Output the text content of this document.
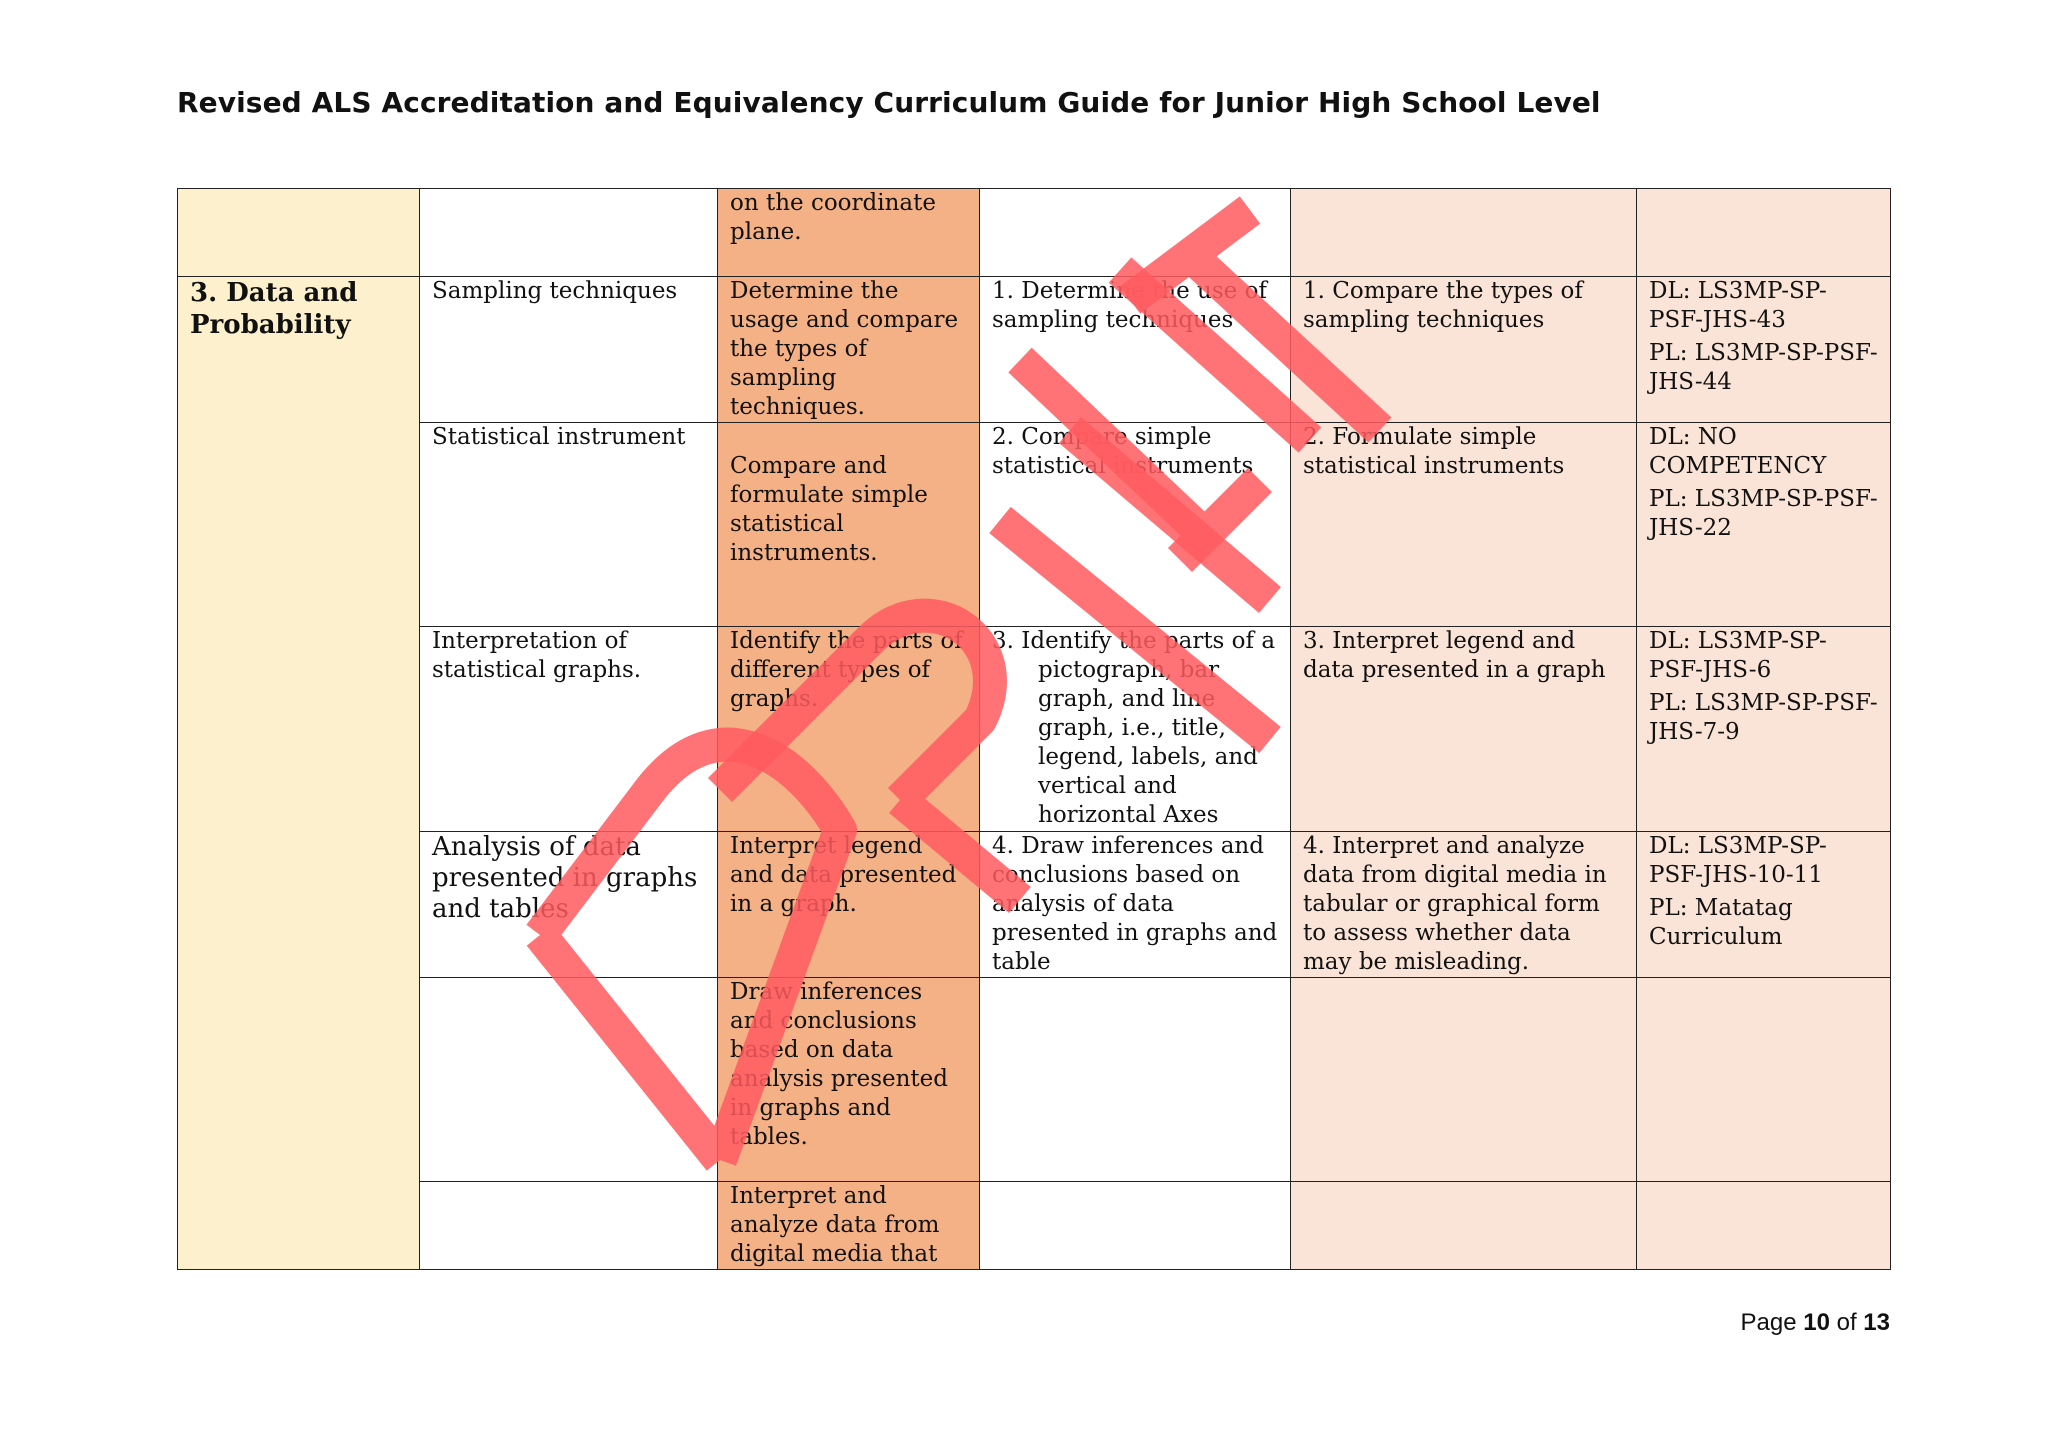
Revised ALS Accreditation and Equivalency Curriculum Guide for Junior High School Level
		on the coordinate plane.			
3. Data and Probability	Sampling techniques	Determine the usage and compare the types of sampling techniques.	1. Determine the use of sampling techniques	1. Compare the types of sampling techniques	DL: LS3MP-SP-PSF-JHS-43
PL: LS3MP-SP-PSF-JHS-44

	Statistical instrument	Compare and formulate simple statistical instruments.	2. Compare simple statistical instruments	2. Formulate simple statistical instruments	DL: NO COMPETENCY
PL: LS3MP-SP-PSF-JHS-22

	Interpretation of statistical graphs.	Identify the parts of different types of graphs.	3. Identify the parts of a pictograph, bar graph, and line graph, i.e., title, legend, labels, and vertical and horizontal Axes	3. Interpret legend and data presented in a graph	DL: LS3MP-SP-PSF-JHS-6
PL: LS3MP-SP-PSF-JHS-7-9

	Analysis of data presented in graphs and tables	Interpret legend and data presented in a graph.	4. Draw inferences and conclusions based on analysis of data presented in graphs and table	4. Interpret and analyze data from digital media in tabular or graphical form to assess whether data may be misleading.	DL: LS3MP-SP-PSF-JHS-10-11
PL: Matatag Curriculum

		Draw inferences and conclusions based on data analysis presented in graphs and tables.			
		Interpret and analyze data from digital media that			
DRAFT
Page 10 of 13
